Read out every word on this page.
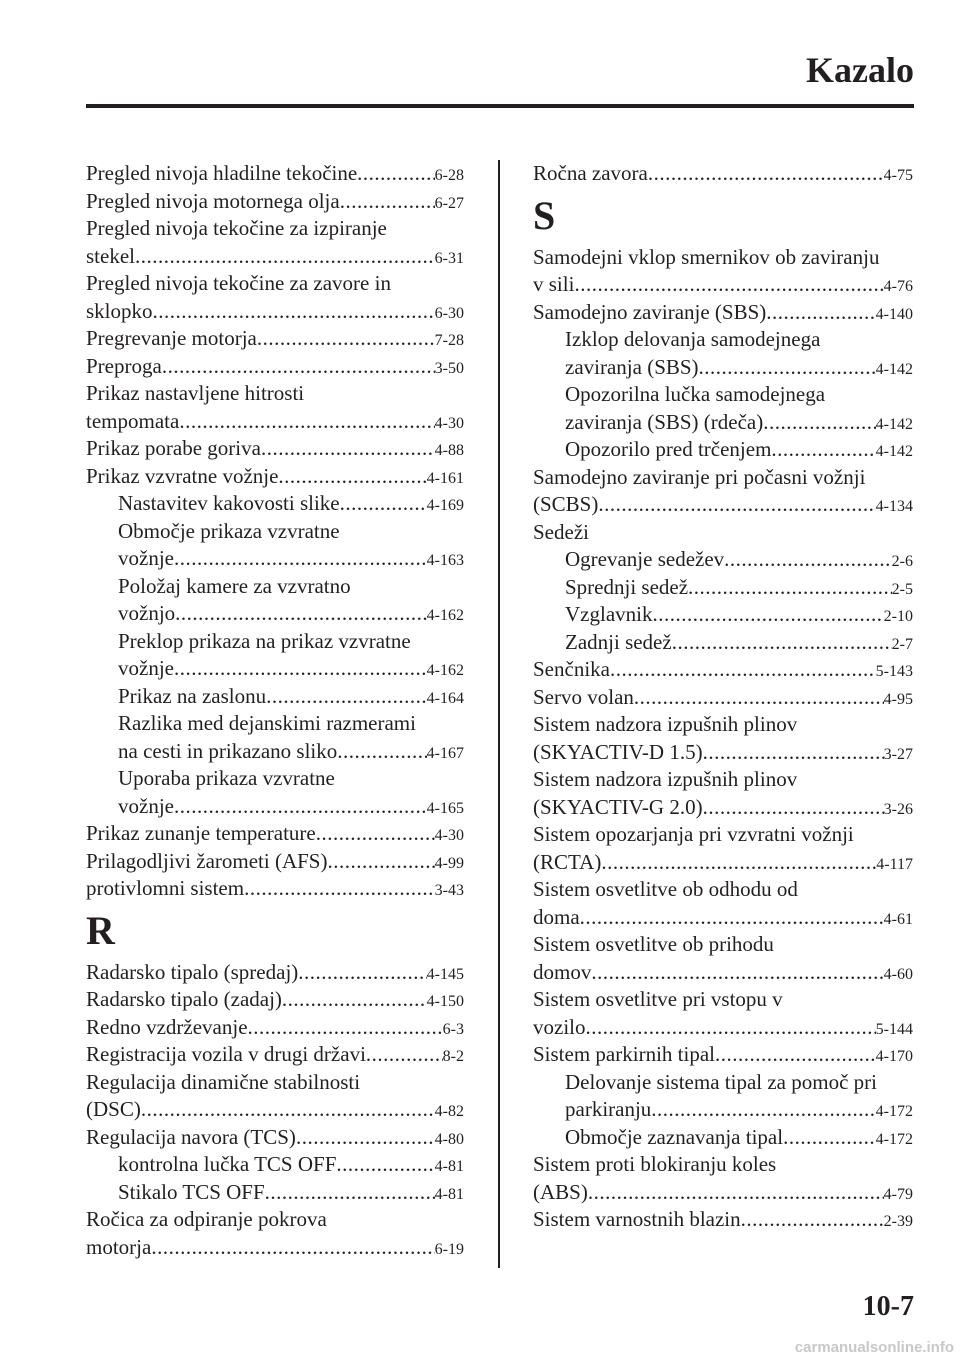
Kazalo
Pregled nivoja hladilne tekočine .....	6-28
Pregled nivoja motornega olja .....	6-27
Pregled nivoja tekočine za izpiranje
stekel .....	6-31
Pregled nivoja tekočine za zavore in
sklopko .....	6-30
Pregrevanje motorja .....	7-28
Preproga .....	3-50
Prikaz nastavljene hitrosti
tempomata .....	4-30
Prikaz porabe goriva .....	4-88
Prikaz vzvratne vožnje .....	4-161
Nastavitev kakovosti slike .....	4-169
Območje prikaza vzvratne
vožnje .....	4-163
Položaj kamere za vzvratno
vožnjo .....	4-162
Preklop prikaza na prikaz vzvratne
vožnje .....	4-162
Prikaz na zaslonu .....	4-164
Razlika med dejanskimi razmerami
na cesti in prikazano sliko .....	4-167
Uporaba prikaza vzvratne
vožnje .....	4-165
Prikaz zunanje temperature .....	4-30
Prilagodljivi žarometi (AFS) .....	4-99
protivlomni sistem .....	3-43
R
Radarsko tipalo (spredaj) .....	4-145
Radarsko tipalo (zadaj) .....	4-150
Redno vzdrževanje .....	6-3
Registracija vozila v drugi državi .....	8-2
Regulacija dinamične stabilnosti
(DSC) .....	4-82
Regulacija navora (TCS) .....	4-80
kontrolna lučka TCS OFF .....	4-81
Stikalo TCS OFF .....	4-81
Ročica za odpiranje pokrova
motorja .....	6-19
Ročna zavora .....	4-75
S
Samodejni vklop smernikov ob zaviranju
v sili .....	4-76
Samodejno zaviranje (SBS) .....	4-140
Izklop delovanja samodejnega
zaviranja (SBS) .....	4-142
Opozorilna lučka samodejnega
zaviranja (SBS) (rdeča) .....	4-142
Opozorilo pred trčenjem .....	4-142
Samodejno zaviranje pri počasni vožnji
(SCBS) .....	4-134
Sedeži
Ogrevanje sedežev .....	2-6
Sprednji sedež .....	2-5
Vzglavnik .....	2-10
Zadnji sedež .....	2-7
Senčnika .....	5-143
Servo volan .....	4-95
Sistem nadzora izpušnih plinov
(SKYACTIV-D 1.5) .....	3-27
Sistem nadzora izpušnih plinov
(SKYACTIV-G 2.0) .....	3-26
Sistem opozarjanja pri vzvratni vožnji
(RCTA) .....	4-117
Sistem osvetlitve ob odhodu od
doma .....	4-61
Sistem osvetlitve ob prihodu
domov .....	4-60
Sistem osvetlitve pri vstopu v
vozilo .....	5-144
Sistem parkirnih tipal .....	4-170
Delovanje sistema tipal za pomoč pri
parkiranju .....	4-172
Območje zaznavanja tipal .....	4-172
Sistem proti blokiranju koles
(ABS) .....	4-79
Sistem varnostnih blazin .....	2-39
10-7
carmanualsonline.info
